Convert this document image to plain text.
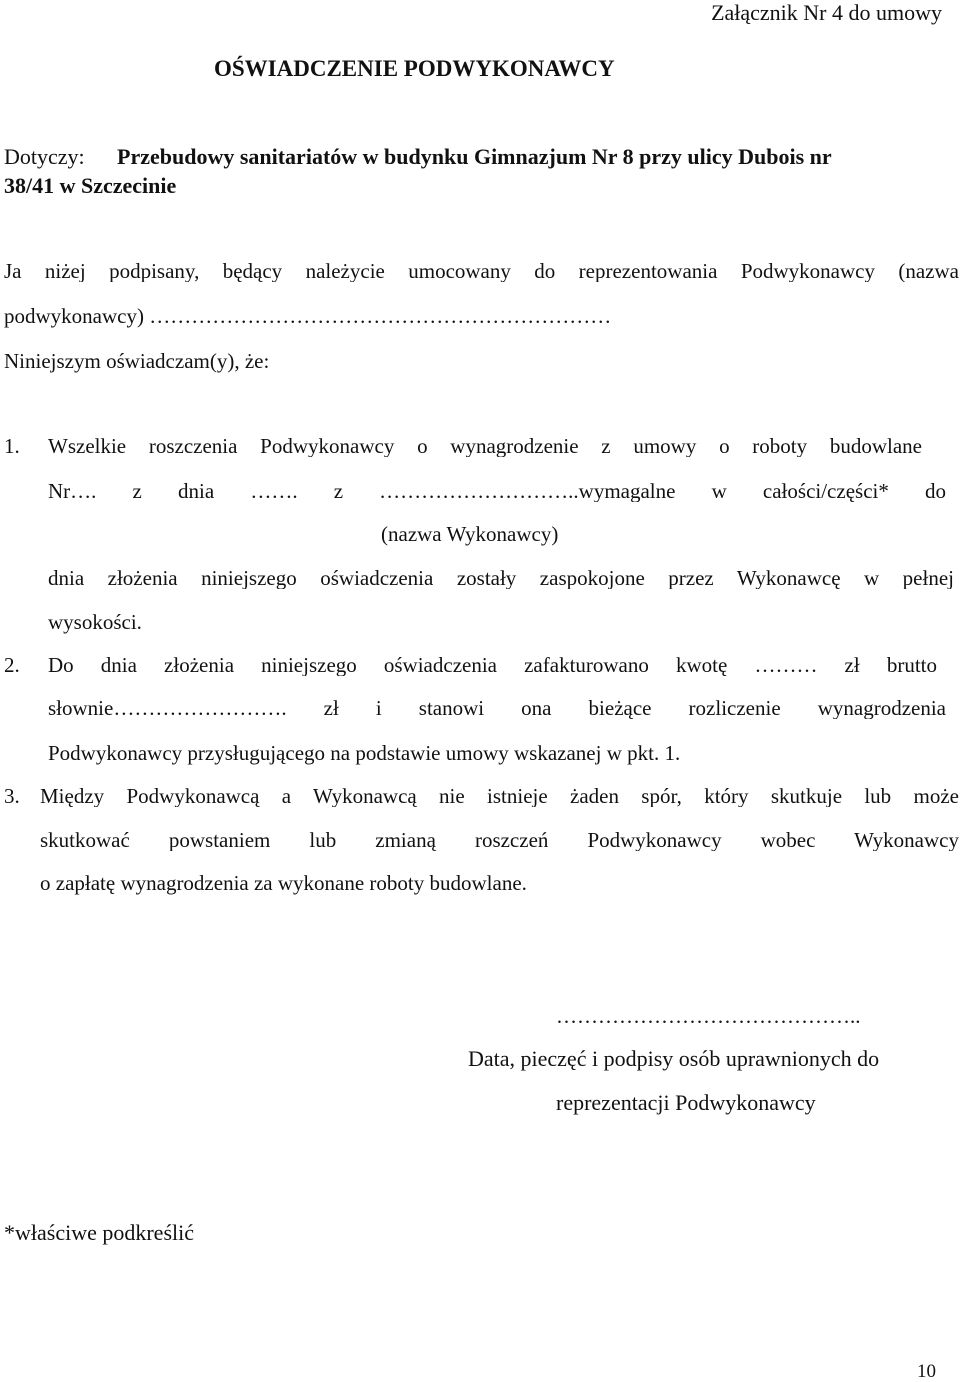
Załącznik Nr 4 do umowy
OŚWIADCZENIE PODWYKONAWCY
Dotyczy: Przebudowy sanitariatów w budynku Gimnazjum Nr 8 przy ulicy Dubois nr
38/41 w Szczecinie
Ja niżej podpisany, będący należycie umocowany do reprezentowania Podwykonawcy (nazwa
podwykonawcy) …………………………………………………………
Niniejszym oświadczam(y), że:
1. Wszelkie roszczenia Podwykonawcy o wynagrodzenie z umowy o roboty budowlane
Nr…. z dnia ……. z ………………………..wymagalne w całości/części* do
(nazwa Wykonawcy)
dnia złożenia niniejszego oświadczenia zostały zaspokojone przez Wykonawcę w pełnej
wysokości.
2. Do dnia złożenia niniejszego oświadczenia zafakturowano kwotę ……… zł brutto
słownie……………………. zł i stanowi ona bieżące rozliczenie wynagrodzenia
Podwykonawcy przysługującego na podstawie umowy wskazanej w pkt. 1.
3. Między Podwykonawcą a Wykonawcą nie istnieje żaden spór, który skutkuje lub może
skutkować powstaniem lub zmianą roszczeń Podwykonawcy wobec Wykonawcy
o zapłatę wynagrodzenia za wykonane roboty budowlane.
……………………………………..
Data, pieczęć i podpisy osób uprawnionych do
reprezentacji Podwykonawcy
*właściwe podkreślić
10
